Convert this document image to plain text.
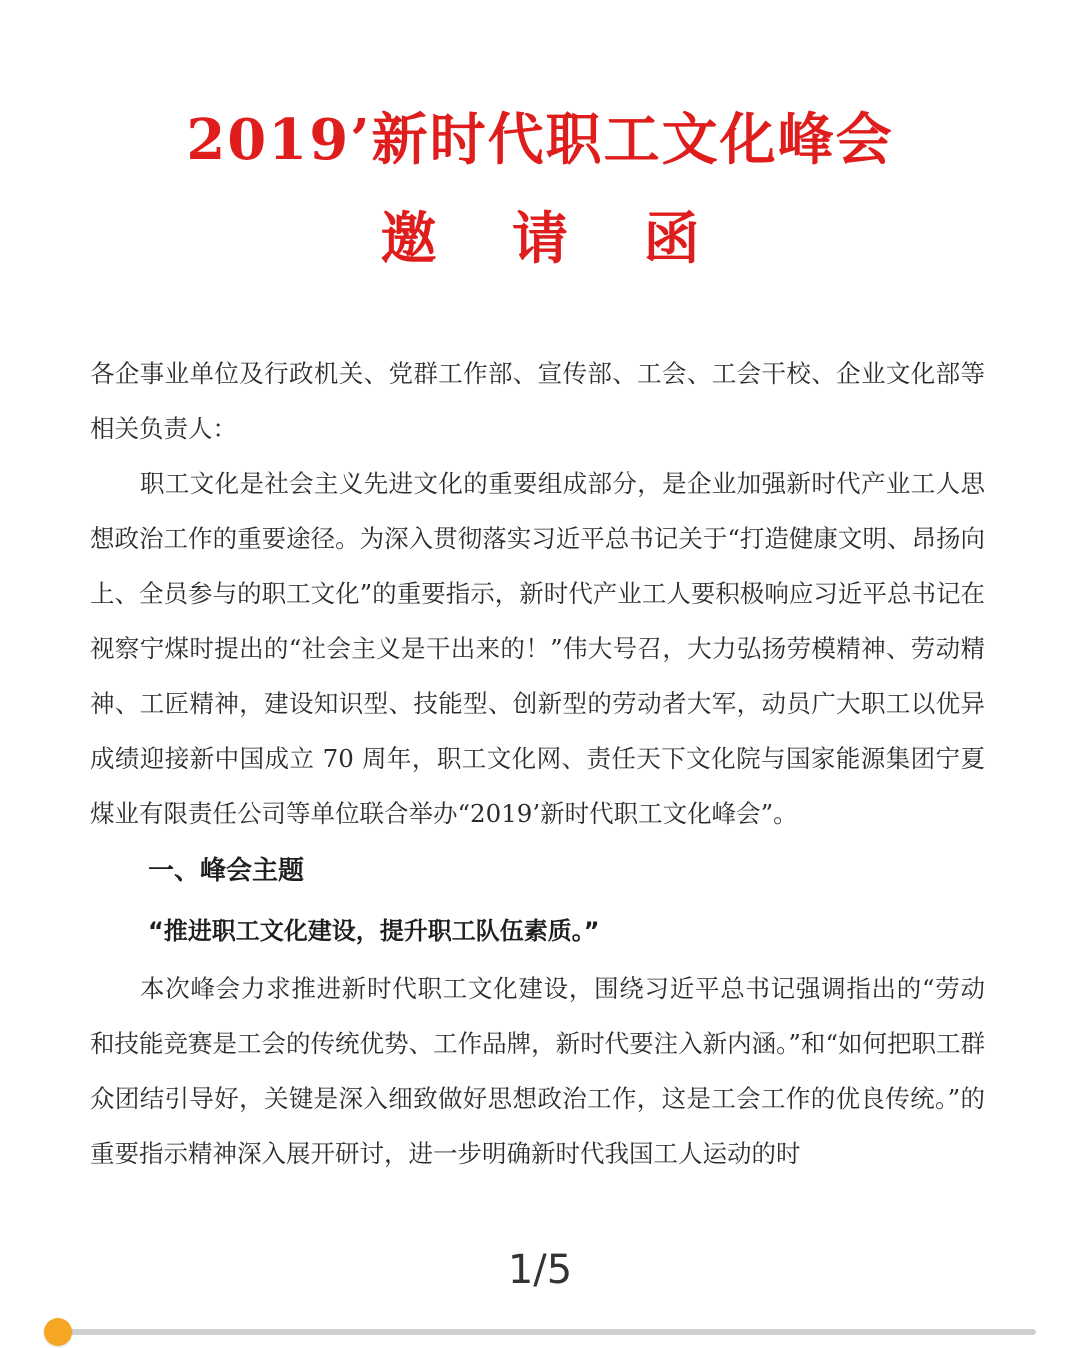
2019’新时代职工文化峰会
邀 请 函

各企事业单位及行政机关、党群工作部、宣传部、工会、工会干校、企业文化部等相关负责人：

职工文化是社会主义先进文化的重要组成部分，是企业加强新时代产业工人思想政治工作的重要途径。为深入贯彻落实习近平总书记关于“打造健康文明、昂扬向上、全员参与的职工文化”的重要指示，新时代产业工人要积极响应习近平总书记在视察宁煤时提出的“社会主义是干出来的！”伟大号召，大力弘扬劳模精神、劳动精神、工匠精神，建设知识型、技能型、创新型的劳动者大军，动员广大职工以优异成绩迎接新中国成立 70 周年，职工文化网、责任天下文化院与国家能源集团宁夏煤业有限责任公司等单位联合举办“2019’新时代职工文化峰会”。

一、峰会主题
“推进职工文化建设，提升职工队伍素质。”

本次峰会力求推进新时代职工文化建设，围绕习近平总书记强调指出的“劳动和技能竞赛是工会的传统优势、工作品牌，新时代要注入新内涵。”和“如何把职工群众团结引导好，关键是深入细致做好思想政治工作，这是工会工作的优良传统。”的重要指示精神深入展开研讨，进一步明确新时代我国工人运动的时

1/5
